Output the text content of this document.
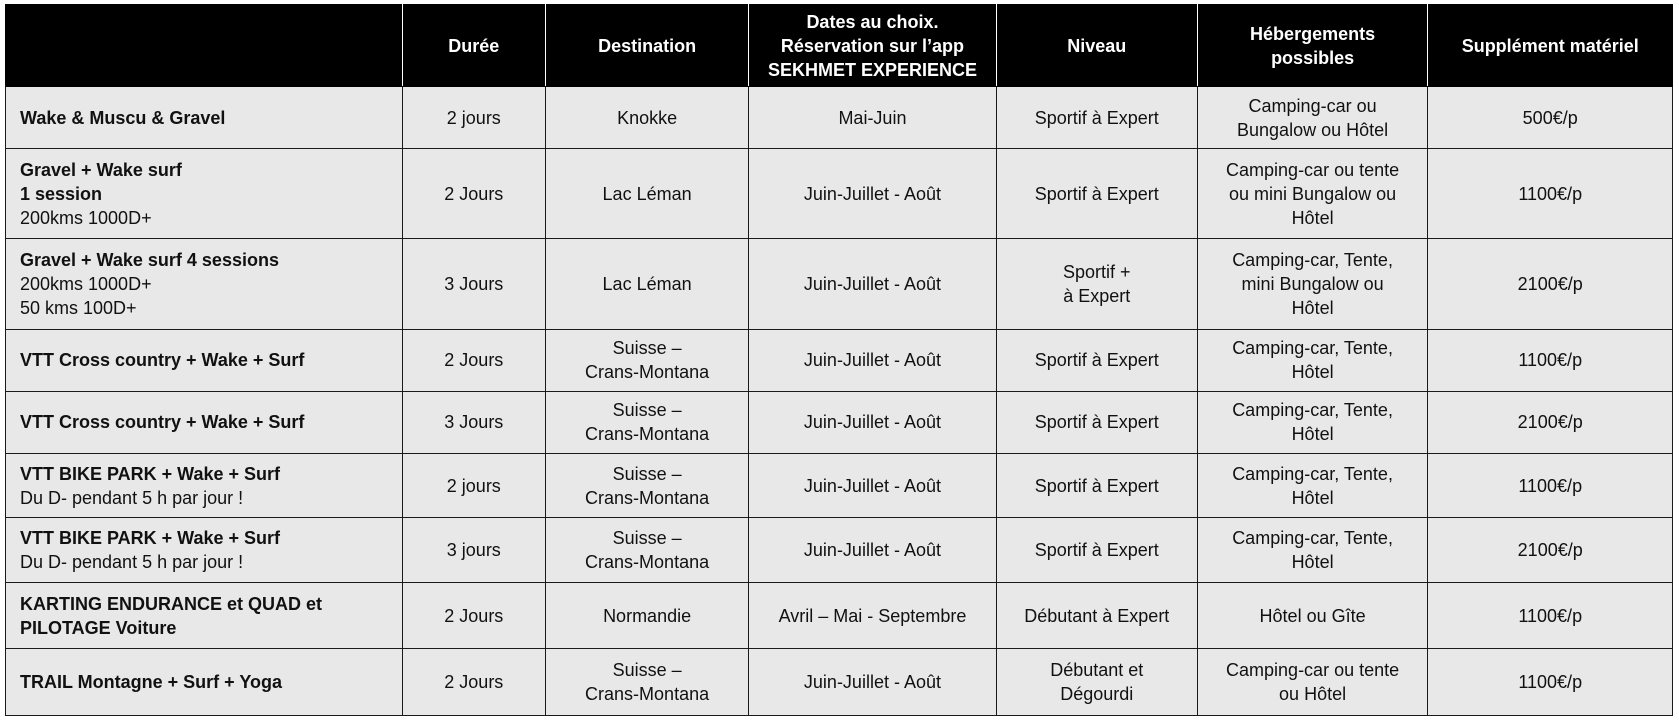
	Durée	Destination	Dates au choix.
Réservation sur l’app
SEKHMET EXPERIENCE	Niveau	Hébergements
possibles	Supplément matériel

Wake & Muscu & Gravel	2 jours	Knokke	Mai-Juin	Sportif à Expert	Camping-car ou
Bungalow ou Hôtel	500€/p

Gravel + Wake surf
1 session
200kms 1000D+	2 Jours	Lac Léman	Juin-Juillet - Août	Sportif à Expert	Camping-car ou tente
ou mini Bungalow ou
Hôtel	1100€/p

Gravel + Wake surf 4 sessions
200kms 1000D+
50 kms 100D+	3 Jours	Lac Léman	Juin-Juillet - Août	Sportif +
à Expert	Camping-car, Tente,
mini Bungalow ou
Hôtel	2100€/p

VTT Cross country + Wake + Surf	2 Jours	Suisse –
Crans-Montana	Juin-Juillet - Août	Sportif à Expert	Camping-car, Tente,
Hôtel	1100€/p

VTT Cross country + Wake + Surf	3 Jours	Suisse –
Crans-Montana	Juin-Juillet - Août	Sportif à Expert	Camping-car, Tente,
Hôtel	2100€/p

VTT BIKE PARK + Wake + Surf
Du D- pendant 5 h par jour !	2 jours	Suisse –
Crans-Montana	Juin-Juillet - Août	Sportif à Expert	Camping-car, Tente,
Hôtel	1100€/p

VTT BIKE PARK + Wake + Surf
Du D- pendant 5 h par jour !	3 jours	Suisse –
Crans-Montana	Juin-Juillet - Août	Sportif à Expert	Camping-car, Tente,
Hôtel	2100€/p

KARTING ENDURANCE et QUAD et
PILOTAGE Voiture	2 Jours	Normandie	Avril – Mai - Septembre	Débutant à Expert	Hôtel ou Gîte	1100€/p

TRAIL Montagne + Surf + Yoga	2 Jours	Suisse –
Crans-Montana	Juin-Juillet - Août	Débutant et
Dégourdi	Camping-car ou tente
ou Hôtel	1100€/p
